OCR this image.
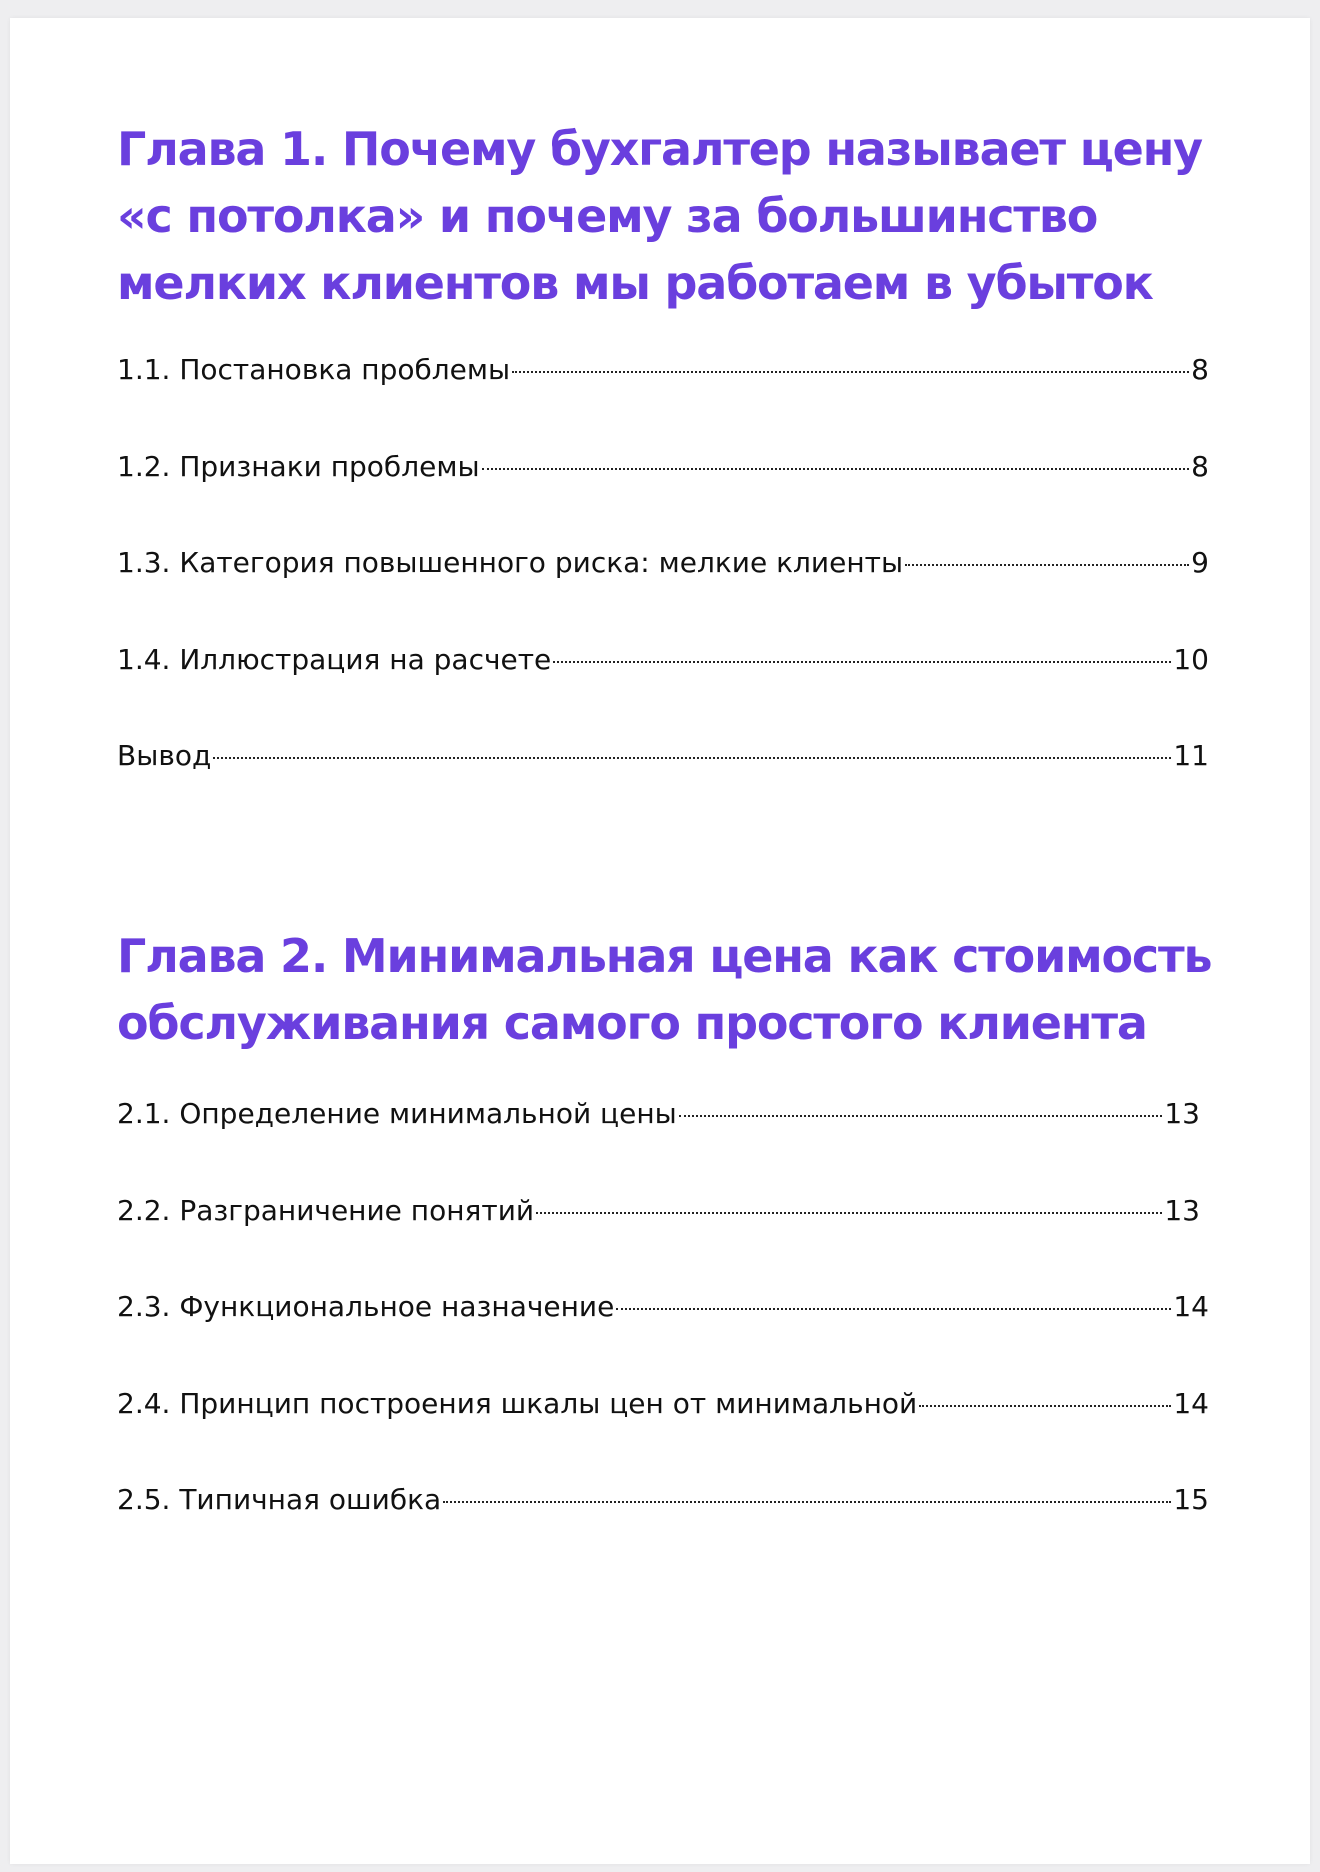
Глава 1. Почему бухгалтер называет цену «с потолка» и почему за большинство мелких клиентов мы работаем в убыток
1.1. Постановка проблемы	8
1.2. Признаки проблемы	8
1.3. Категория повышенного риска: мелкие клиенты	9
1.4. Иллюстрация на расчете	10
Вывод	11
Глава 2. Минимальная цена как стоимость обслуживания самого простого клиента
2.1. Определение минимальной цены	13
2.2. Разграничение понятий	13
2.3. Функциональное назначение	14
2.4. Принцип построения шкалы цен от минимальной	14
2.5. Типичная ошибка	15
